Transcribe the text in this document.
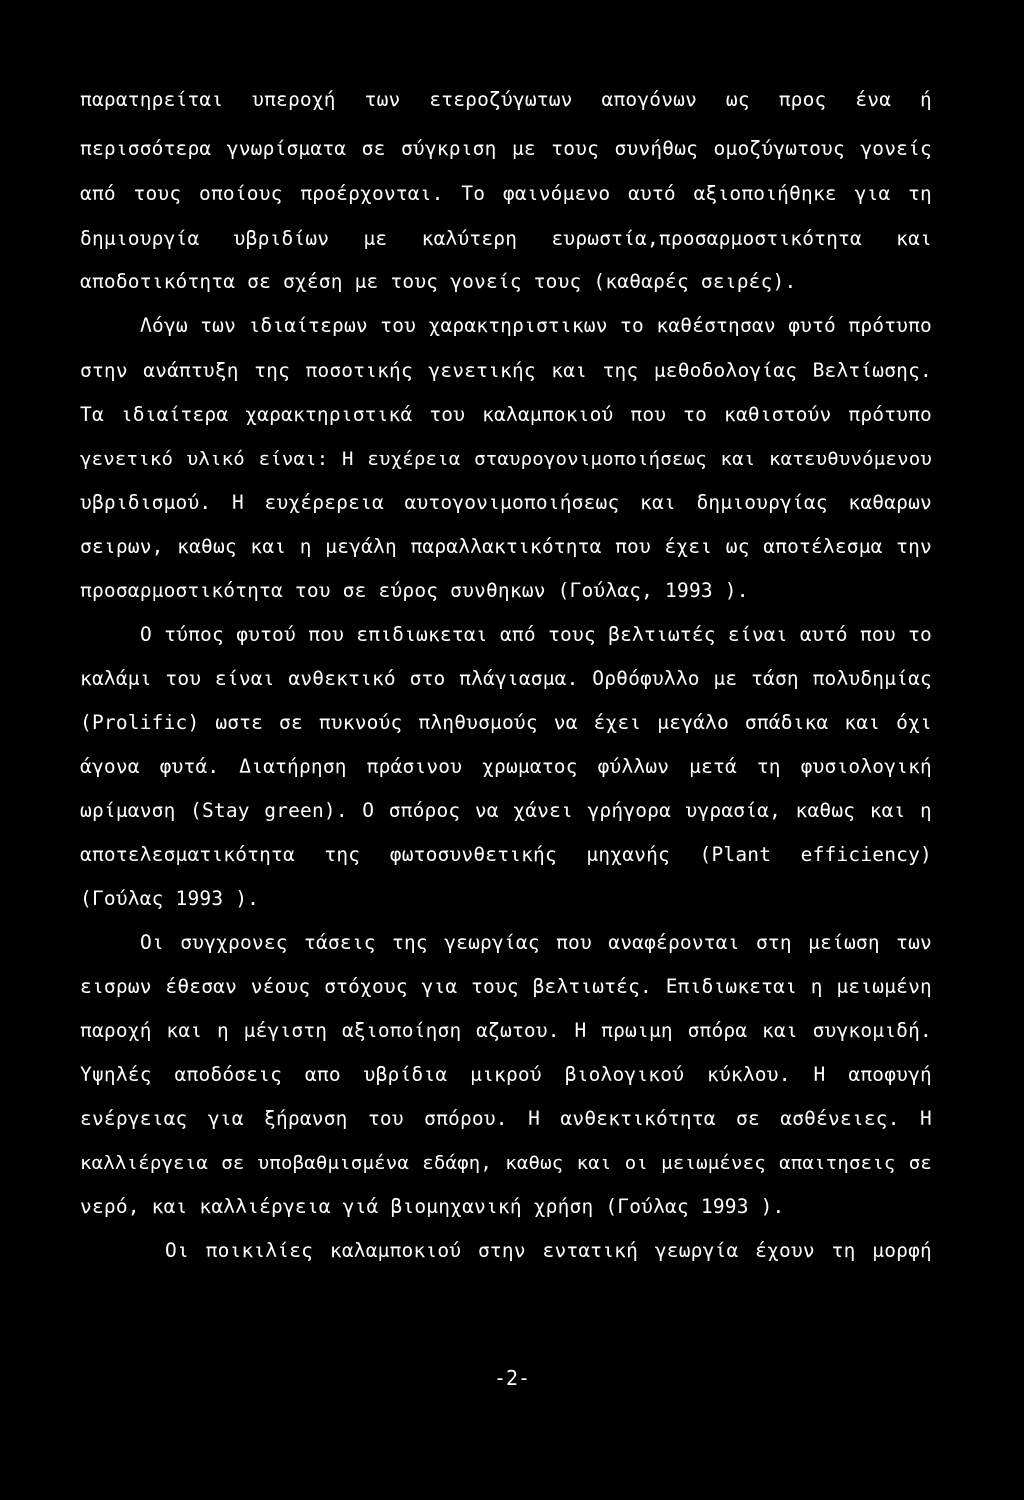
παρατηρείται υπεροχή των ετεροζύγωτων απογόνων ως προς ένα ή
περισσότερα γνωρίσματα σε σύγκριση με τους συνήθως ομοζύγωτους γονείς
από τους οποίους προέρχονται. Το φαινόμενο αυτό αξιοποιήθηκε για τη
δημιουργία υβριδίων με καλύτερη ευρωστία,προσαρμοστικότητα και
αποδοτικότητα σε σχέση με τους γονείς τους (καθαρές σειρές).
Λόγω των ιδιαίτερων του χαρακτηριστικων το καθέστησαν φυτό πρότυπο
στην ανάπτυξη της ποσοτικής γενετικής και της μεθοδολογίας Βελτίωσης.
Τα ιδιαίτερα χαρακτηριστικά του καλαμποκιού που το καθιστούν πρότυπο
γενετικό υλικό είναι: Η ευχέρεια σταυρογονιμοποιήσεως και κατευθυνόμενου
υβριδισμού. Η ευχέρερεια αυτογονιμοποιήσεως και δημιουργίας καθαρων
σειρων, καθως και η μεγάλη παραλλακτικότητα που έχει ως αποτέλεσμα την
προσαρμοστικότητα του σε εύρος συνθηκων (Γούλας, 1993 ).
Ο τύπος φυτού που επιδιωκεται από τους βελτιωτές είναι αυτό που το
καλάμι του είναι ανθεκτικό στο πλάγιασμα. Ορθόφυλλο με τάση πολυδημίας
(Prolific) ωστε σε πυκνούς πληθυσμούς να έχει μεγάλο σπάδικα και όχι
άγονα φυτά. Διατήρηση πράσινου χρωματος φύλλων μετά τη φυσιολογική
ωρίμανση (Stay green). Ο σπόρος να χάνει γρήγορα υγρασία, καθως και η
αποτελεσματικότητα της φωτοσυνθετικής μηχανής (Plant efficiency)
(Γούλας 1993 ).
Οι συγχρονες τάσεις της γεωργίας που αναφέρονται στη μείωση των
εισρων έθεσαν νέους στόχους για τους βελτιωτές. Επιδιωκεται η μειωμένη
παροχή και η μέγιστη αξιοποίηση αζωτου. Η πρωιμη σπόρα και συγκομιδή.
Υψηλές αποδόσεις απο υβρίδια μικρού βιολογικού κύκλου. Η αποφυγή
ενέργειας για ξήρανση του σπόρου. Η ανθεκτικότητα σε ασθένειες. Η
καλλιέργεια σε υποβαθμισμένα εδάφη, καθως και οι μειωμένες απαιτησεις σε
νερό, και καλλιέργεια γιά βιομηχανική χρήση (Γούλας 1993 ).
Οι ποικιλίες καλαμποκιού στην εντατική γεωργία έχουν τη μορφή
-2-
